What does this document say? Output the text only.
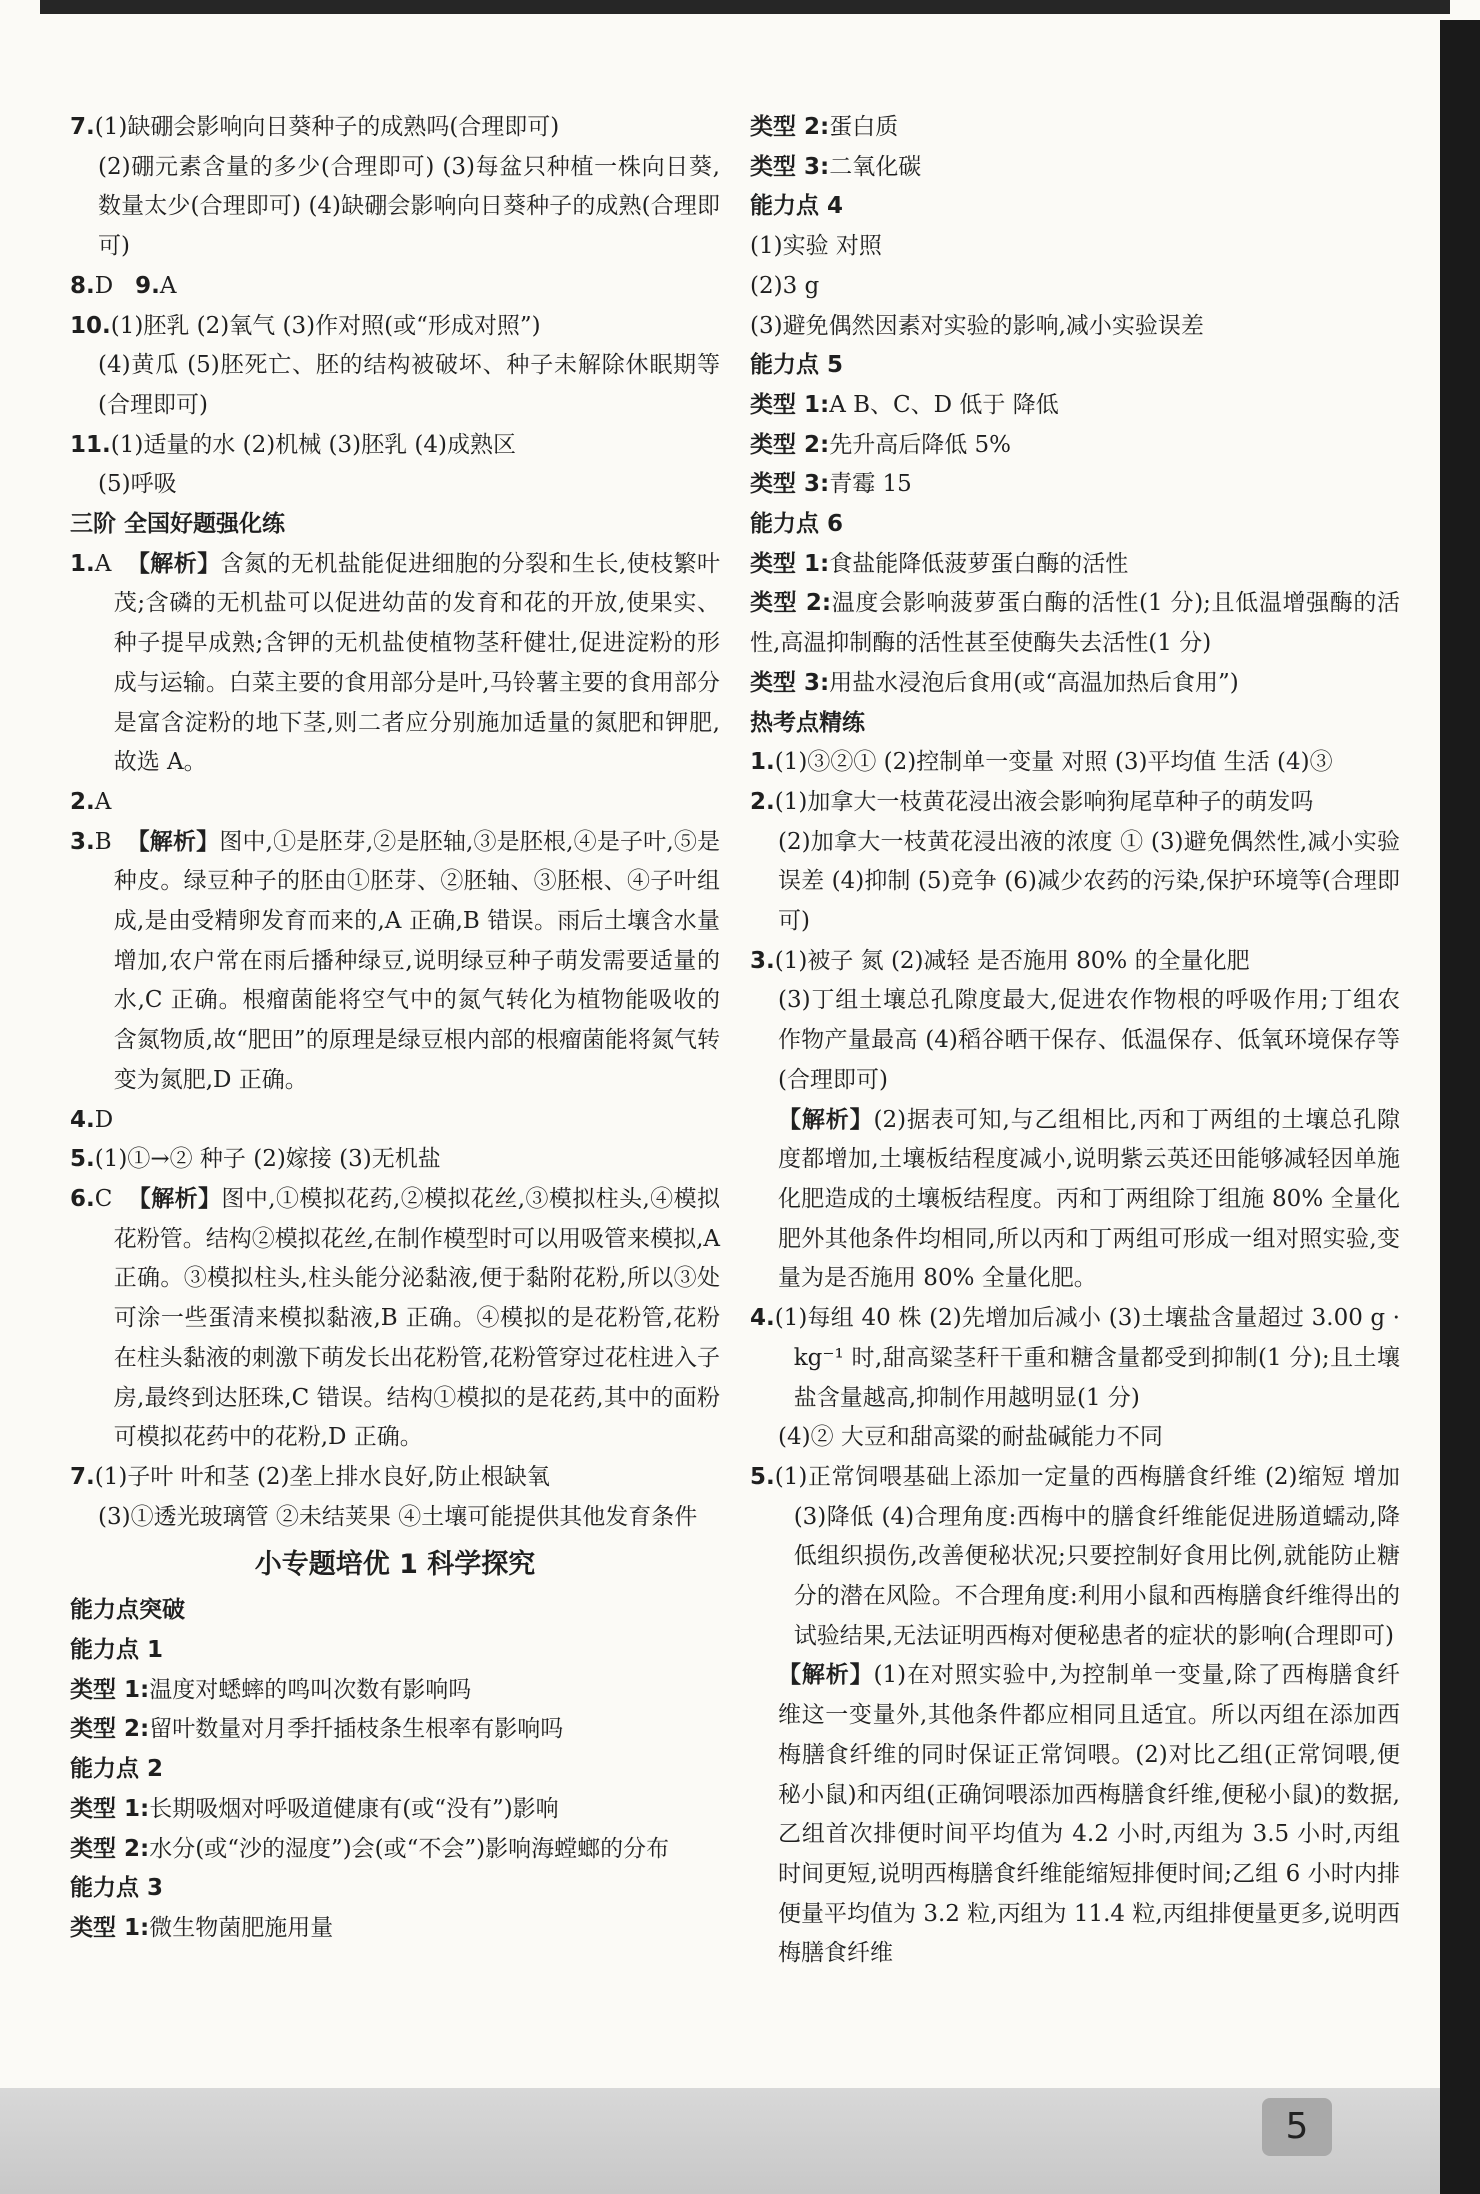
7.(1)缺硼会影响向日葵种子的成熟吗(合理即可)

(2)硼元素含量的多少(合理即可) (3)每盆只种植一株向日葵,数量太少(合理即可) (4)缺硼会影响向日葵种子的成熟(合理即可)

8.D 9.A

10.(1)胚乳 (2)氧气 (3)作对照(或“形成对照”)

(4)黄瓜 (5)胚死亡、胚的结构被破坏、种子未解除休眠期等(合理即可)

11.(1)适量的水 (2)机械 (3)胚乳 (4)成熟区

(5)呼吸

三阶 全国好题强化练

1.A 【解析】含氮的无机盐能促进细胞的分裂和生长,使枝繁叶茂;含磷的无机盐可以促进幼苗的发育和花的开放,使果实、种子提早成熟;含钾的无机盐使植物茎秆健壮,促进淀粉的形成与运输。白菜主要的食用部分是叶,马铃薯主要的食用部分是富含淀粉的地下茎,则二者应分别施加适量的氮肥和钾肥,故选 A。

2.A

3.B 【解析】图中,①是胚芽,②是胚轴,③是胚根,④是子叶,⑤是种皮。绿豆种子的胚由①胚芽、②胚轴、③胚根、④子叶组成,是由受精卵发育而来的,A 正确,B 错误。雨后土壤含水量增加,农户常在雨后播种绿豆,说明绿豆种子萌发需要适量的水,C 正确。根瘤菌能将空气中的氮气转化为植物能吸收的含氮物质,故“肥田”的原理是绿豆根内部的根瘤菌能将氮气转变为氮肥,D 正确。

4.D

5.(1)①→② 种子 (2)嫁接 (3)无机盐

6.C 【解析】图中,①模拟花药,②模拟花丝,③模拟柱头,④模拟花粉管。结构②模拟花丝,在制作模型时可以用吸管来模拟,A 正确。③模拟柱头,柱头能分泌黏液,便于黏附花粉,所以③处可涂一些蛋清来模拟黏液,B 正确。④模拟的是花粉管,花粉在柱头黏液的刺激下萌发长出花粉管,花粉管穿过花柱进入子房,最终到达胚珠,C 错误。结构①模拟的是花药,其中的面粉可模拟花药中的花粉,D 正确。

7.(1)子叶 叶和茎 (2)垄上排水良好,防止根缺氧

(3)①透光玻璃管 ②未结荚果 ④土壤可能提供其他发育条件

小专题培优 1 科学探究

能力点突破

能力点 1

类型 1:温度对蟋蟀的鸣叫次数有影响吗

类型 2:留叶数量对月季扦插枝条生根率有影响吗

能力点 2

类型 1:长期吸烟对呼吸道健康有(或“没有”)影响

类型 2:水分(或“沙的湿度”)会(或“不会”)影响海螳螂的分布

能力点 3

类型 1:微生物菌肥施用量

类型 2:蛋白质

类型 3:二氧化碳

能力点 4

(1)实验 对照

(2)3 g

(3)避免偶然因素对实验的影响,减小实验误差

能力点 5

类型 1:A B、C、D 低于 降低

类型 2:先升高后降低 5%

类型 3:青霉 15

能力点 6

类型 1:食盐能降低菠萝蛋白酶的活性

类型 2:温度会影响菠萝蛋白酶的活性(1 分);且低温增强酶的活性,高温抑制酶的活性甚至使酶失去活性(1 分)

类型 3:用盐水浸泡后食用(或“高温加热后食用”)

热考点精练

1.(1)③②① (2)控制单一变量 对照 (3)平均值 生活 (4)③

2.(1)加拿大一枝黄花浸出液会影响狗尾草种子的萌发吗

(2)加拿大一枝黄花浸出液的浓度 ① (3)避免偶然性,减小实验误差 (4)抑制 (5)竞争 (6)减少农药的污染,保护环境等(合理即可)

3.(1)被子 氮 (2)减轻 是否施用 80% 的全量化肥

(3)丁组土壤总孔隙度最大,促进农作物根的呼吸作用;丁组农作物产量最高 (4)稻谷晒干保存、低温保存、低氧环境保存等(合理即可)

【解析】(2)据表可知,与乙组相比,丙和丁两组的土壤总孔隙度都增加,土壤板结程度减小,说明紫云英还田能够减轻因单施化肥造成的土壤板结程度。丙和丁两组除丁组施 80% 全量化肥外其他条件均相同,所以丙和丁两组可形成一组对照实验,变量为是否施用 80% 全量化肥。

4.(1)每组 40 株 (2)先增加后减小 (3)土壤盐含量超过 3.00 g · kg⁻¹ 时,甜高粱茎秆干重和糖含量都受到抑制(1 分);且土壤盐含量越高,抑制作用越明显(1 分)

(4)② 大豆和甜高粱的耐盐碱能力不同

5.(1)正常饲喂基础上添加一定量的西梅膳食纤维 (2)缩短 增加 (3)降低 (4)合理角度:西梅中的膳食纤维能促进肠道蠕动,降低组织损伤,改善便秘状况;只要控制好食用比例,就能防止糖分的潜在风险。不合理角度:利用小鼠和西梅膳食纤维得出的试验结果,无法证明西梅对便秘患者的症状的影响(合理即可)

【解析】(1)在对照实验中,为控制单一变量,除了西梅膳食纤维这一变量外,其他条件都应相同且适宜。所以丙组在添加西梅膳食纤维的同时保证正常饲喂。(2)对比乙组(正常饲喂,便秘小鼠)和丙组(正确饲喂添加西梅膳食纤维,便秘小鼠)的数据,乙组首次排便时间平均值为 4.2 小时,丙组为 3.5 小时,丙组时间更短,说明西梅膳食纤维能缩短排便时间;乙组 6 小时内排便量平均值为 3.2 粒,丙组为 11.4 粒,丙组排便量更多,说明西梅膳食纤维

5
